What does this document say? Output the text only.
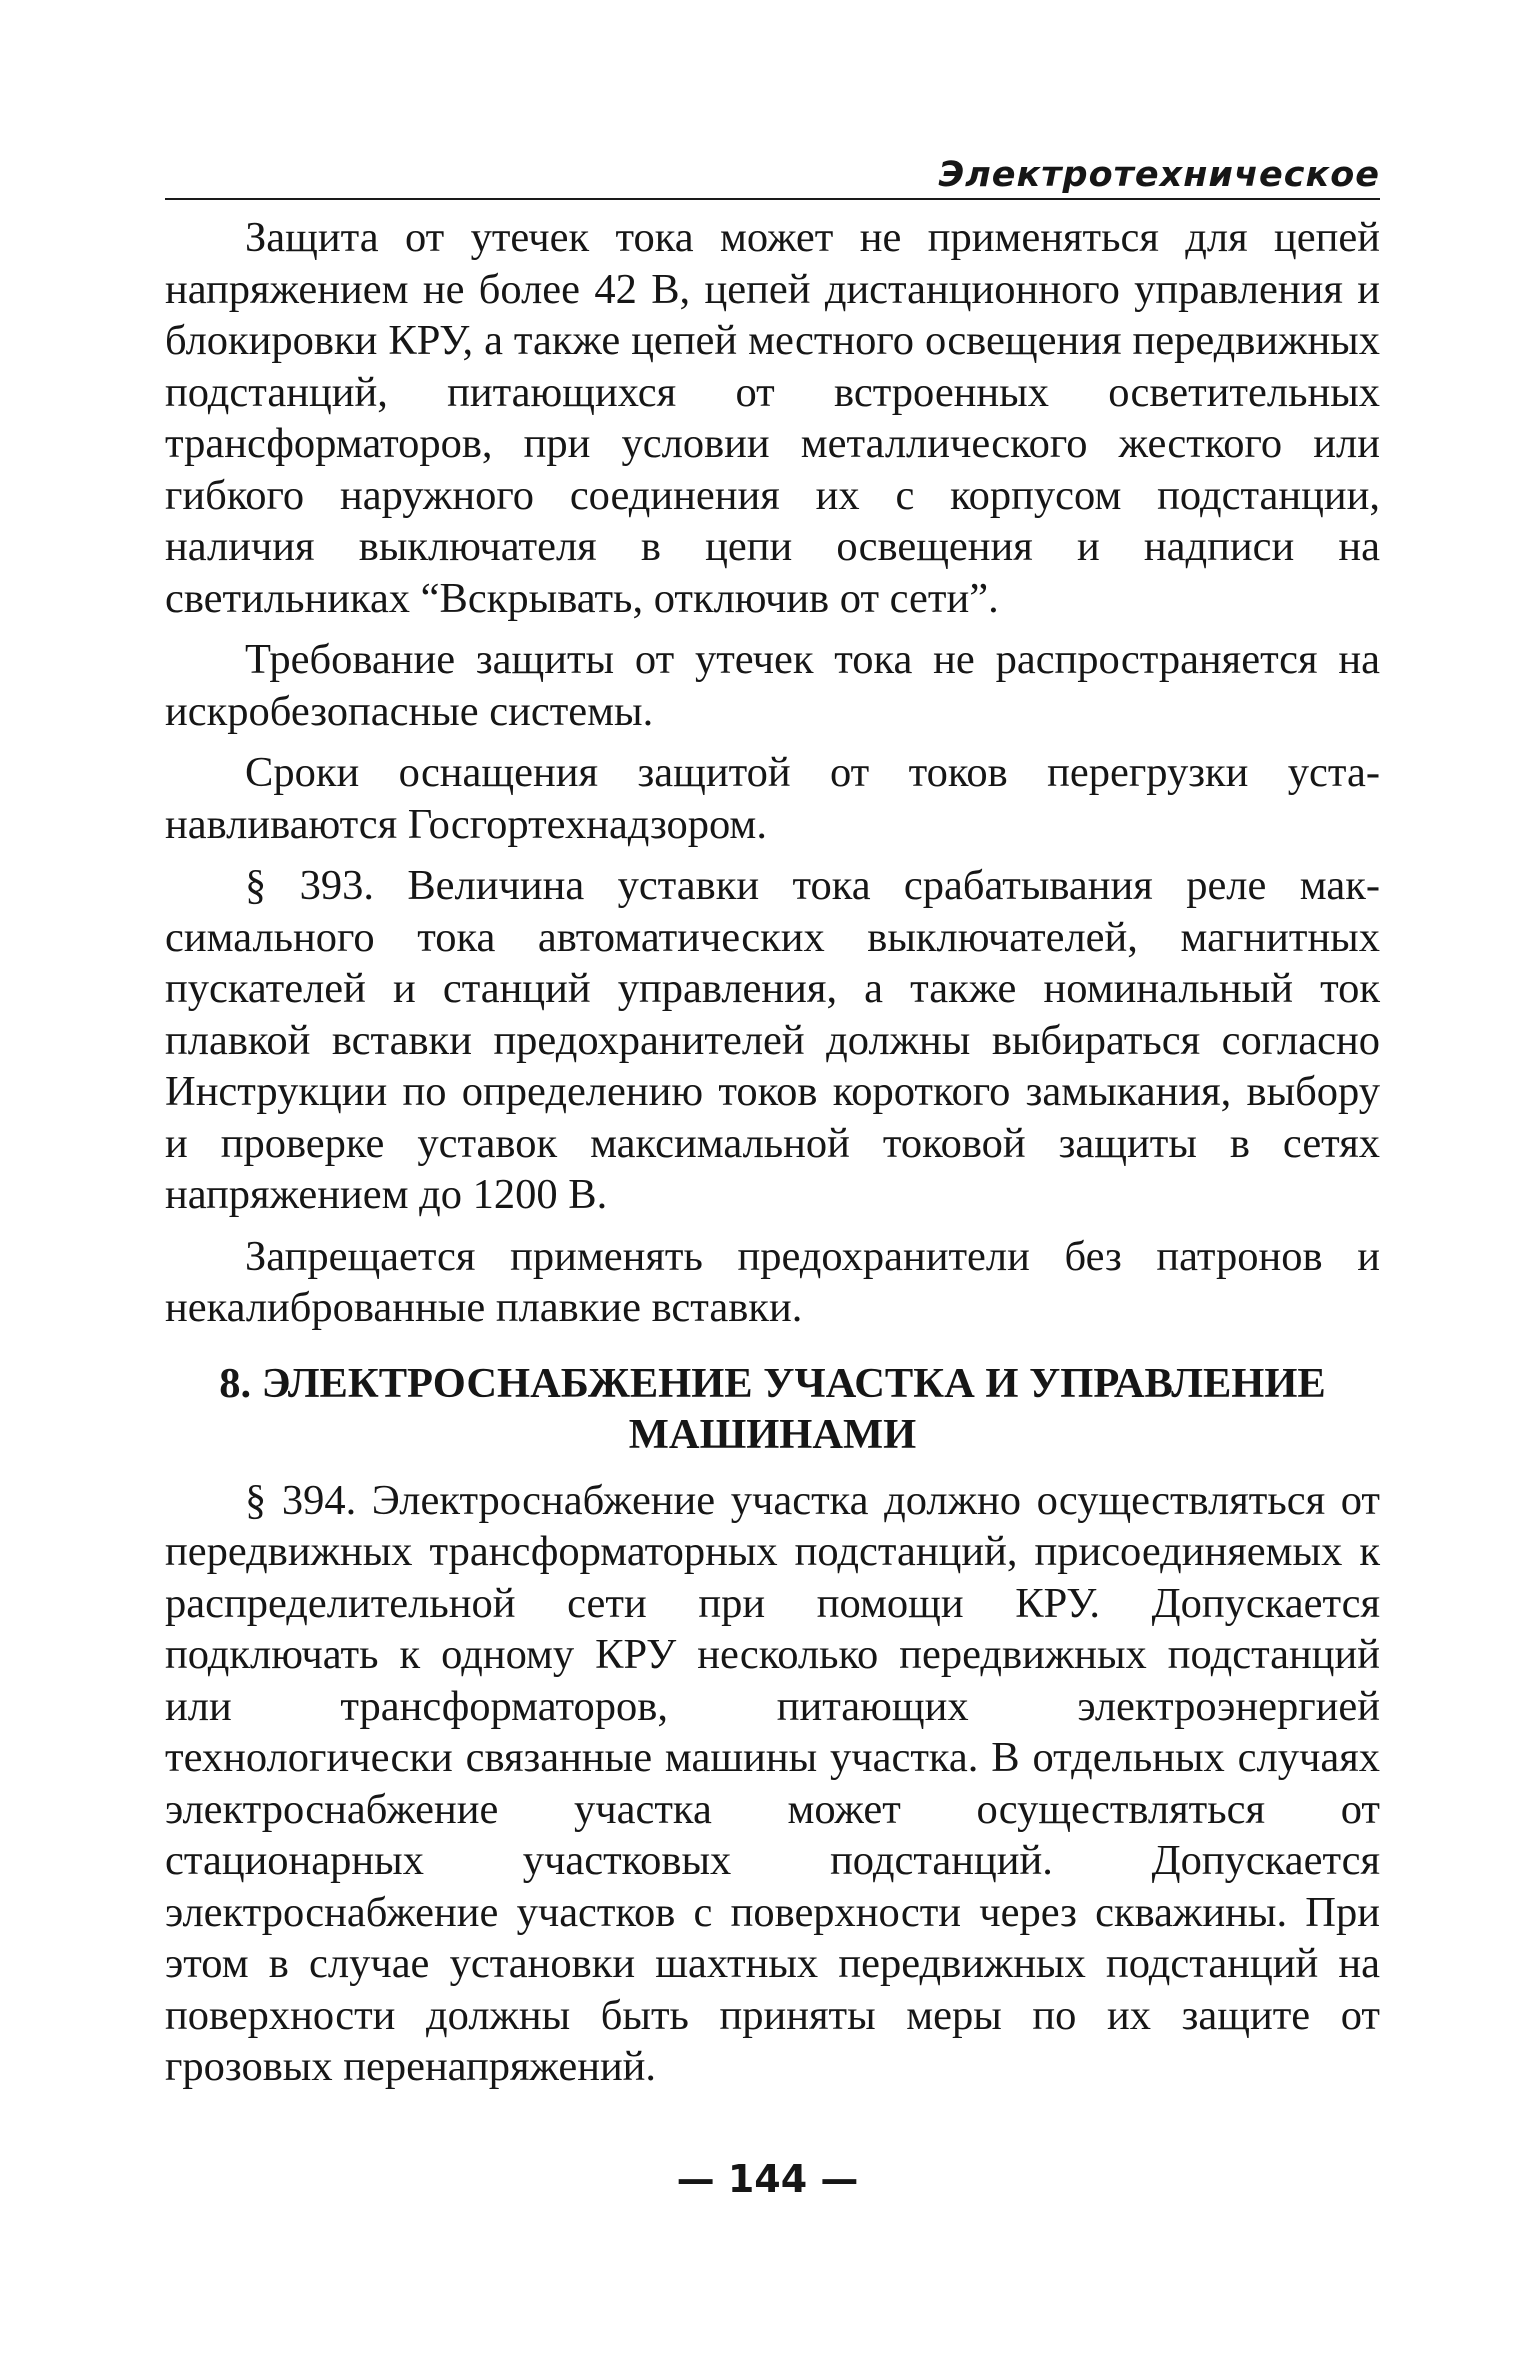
Электротехническое

Защита от утечек тока может не применяться для цепей напряжением не более 42 В, цепей дистанционного управления и блокировки КРУ, а также цепей местного освещения передвижных подстанций, питающихся от встроенных осветительных трансформаторов, при условии металлического жесткого или гибкого наружного соединения их с корпусом подстанции, наличия выключателя в цепи освещения и надписи на светильниках “Вскрывать, отключив от сети”.

Требование защиты от утечек тока не распространяется на искробезопасные системы.

Сроки оснащения защитой от токов перегрузки устанавливаются Госгортехнадзором.

§ 393. Величина уставки тока срабатывания реле максимального тока автоматических выключателей, магнитных пускателей и станций управления, а также номинальный ток плавкой вставки предохранителей должны выбираться согласно Инструкции по определению токов короткого замыкания, выбору и проверке уставок максимальной токовой защиты в сетях напряжением до 1200 В.

Запрещается применять предохранители без патронов и некалиброванные плавкие вставки.

8. ЭЛЕКТРОСНАБЖЕНИЕ УЧАСТКА И УПРАВЛЕНИЕ
МАШИНАМИ

§ 394. Электроснабжение участка должно осуществляться от передвижных трансформаторных подстанций, присоединяемых к распределительной сети при помощи КРУ. Допускается подключать к одному КРУ несколько передвижных подстанций или трансформаторов, питающих электроэнергией технологически связанные машины участка. В отдельных случаях электроснабжение участка может осуществляться от стационарных участковых подстанций. Допускается электроснабжение участков с поверхности через скважины. При этом в случае установки шахтных передвижных подстанций на поверхности должны быть приняты меры по их защите от грозовых перенапряжений.

— 144 —
